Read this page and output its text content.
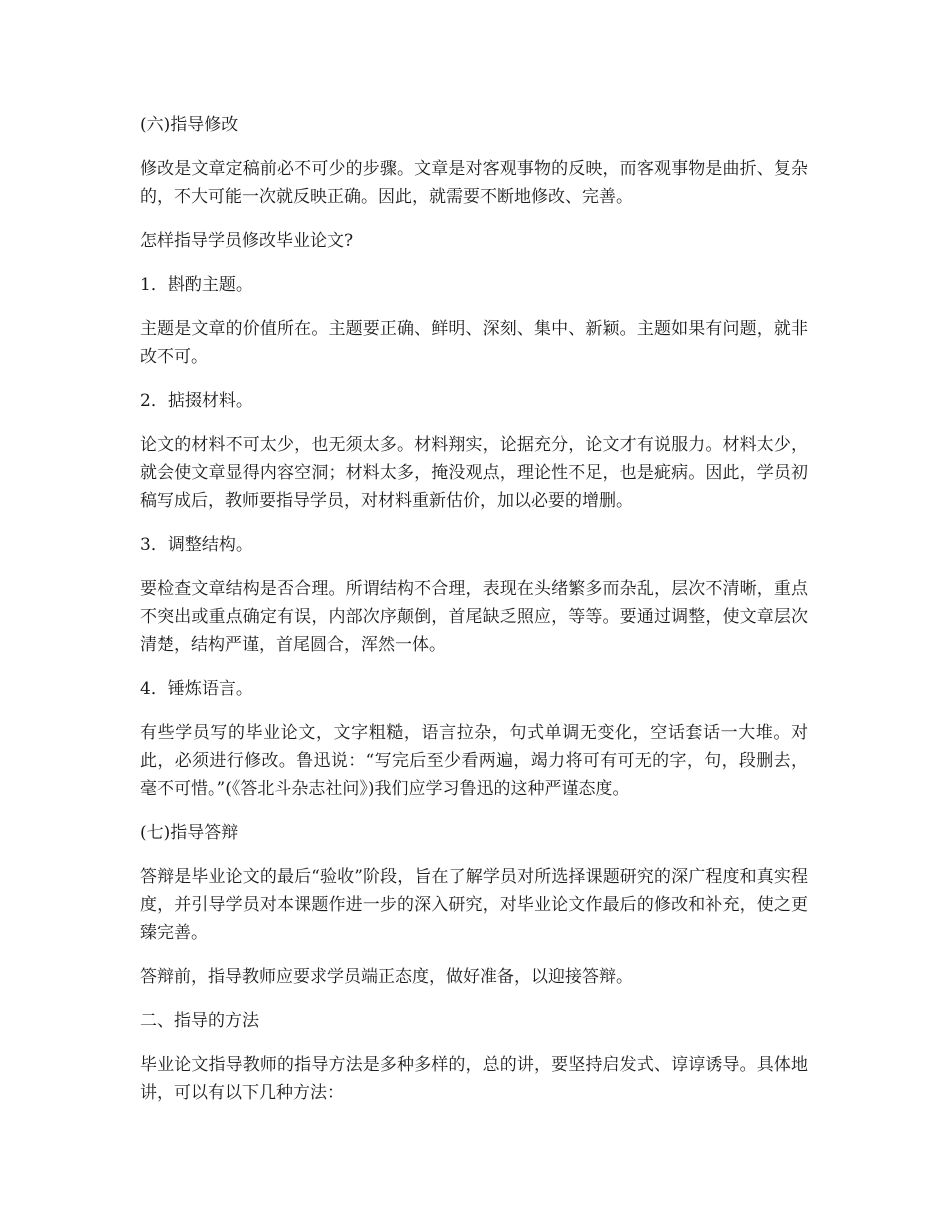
(六)指导修改

修改是文章定稿前必不可少的步骤。文章是对客观事物的反映，而客观事物是曲折、复杂的，不大可能一次就反映正确。因此，就需要不断地修改、完善。

怎样指导学员修改毕业论文?

1．斟酌主题。

主题是文章的价值所在。主题要正确、鲜明、深刻、集中、新颖。主题如果有问题，就非改不可。

2．掂掇材料。

论文的材料不可太少，也无须太多。材料翔实，论据充分，论文才有说服力。材料太少，就会使文章显得内容空洞；材料太多，掩没观点，理论性不足，也是疵病。因此，学员初稿写成后，教师要指导学员，对材料重新估价，加以必要的增删。

3．调整结构。

要检查文章结构是否合理。所谓结构不合理，表现在头绪繁多而杂乱，层次不清晰，重点不突出或重点确定有误，内部次序颠倒，首尾缺乏照应，等等。要通过调整，使文章层次清楚，结构严谨，首尾圆合，浑然一体。

4．锤炼语言。

有些学员写的毕业论文，文字粗糙，语言拉杂，句式单调无变化，空话套话一大堆。对此，必须进行修改。鲁迅说：“写完后至少看两遍，竭力将可有可无的字，句，段删去，毫不可惜。”(《答北斗杂志社问》)我们应学习鲁迅的这种严谨态度。

(七)指导答辩

答辩是毕业论文的最后“验收”阶段，旨在了解学员对所选择课题研究的深广程度和真实程度，并引导学员对本课题作进一步的深入研究，对毕业论文作最后的修改和补充，使之更臻完善。

答辩前，指导教师应要求学员端正态度，做好准备，以迎接答辩。

二、指导的方法

毕业论文指导教师的指导方法是多种多样的，总的讲，要坚持启发式、谆谆诱导。具体地讲，可以有以下几种方法：
